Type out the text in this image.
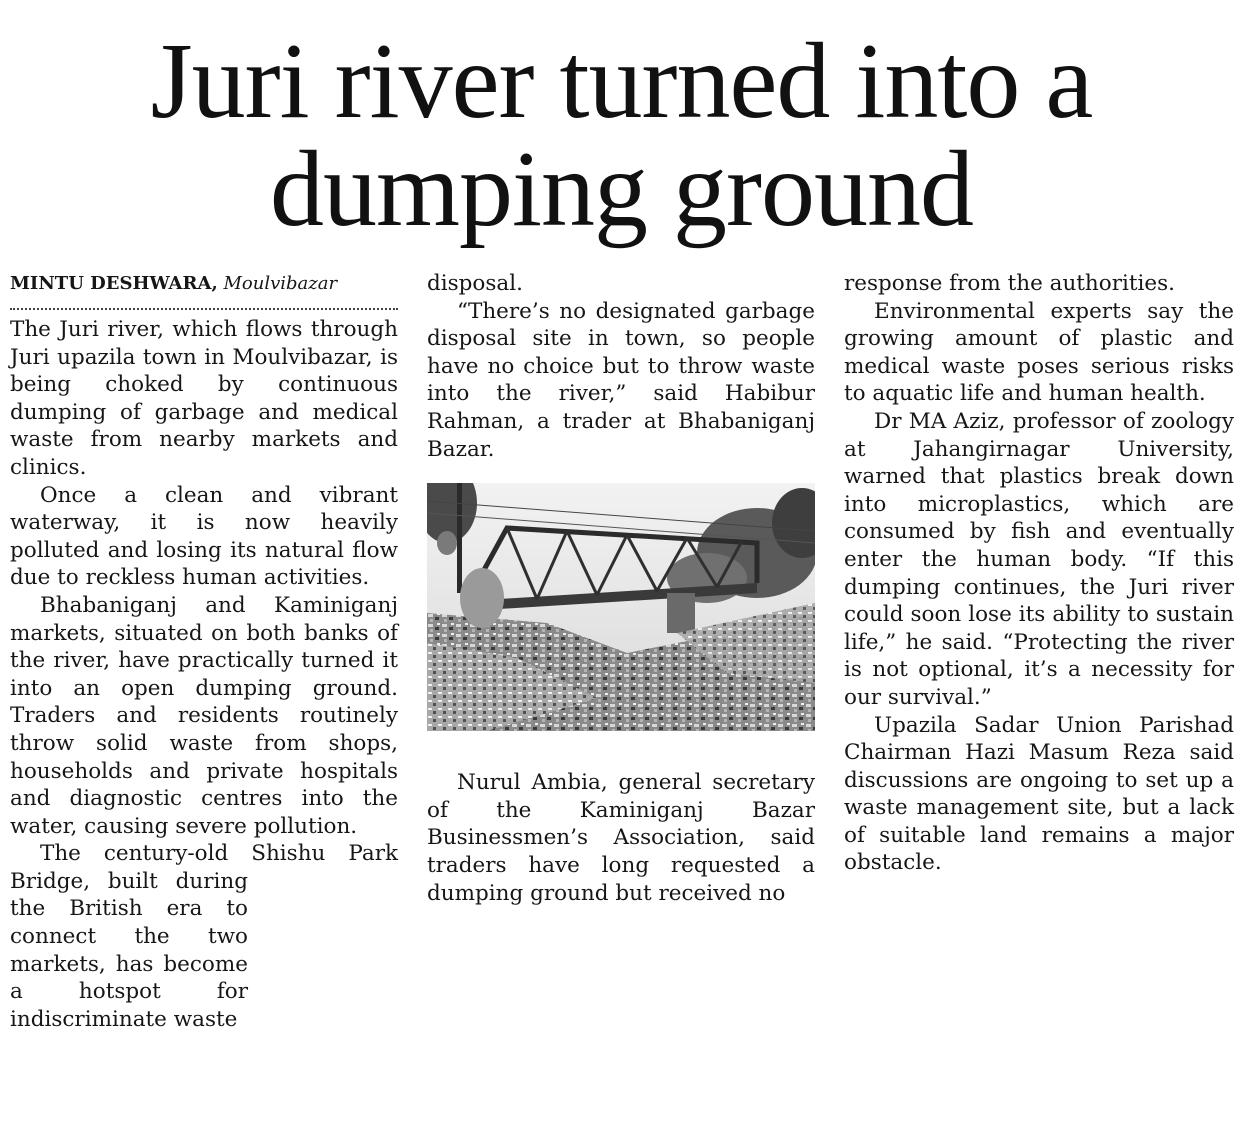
Juri river turned into a dumping ground
MINTU DESHWARA, Moulvibazar

The Juri river, which flows through Juri upazila town in Moulvibazar, is being choked by continuous dumping of garbage and medical waste from nearby markets and clinics.

Once a clean and vibrant waterway, it is now heavily polluted and losing its natural flow due to reckless human activities.

Bhabaniganj and Kaminiganj markets, situated on both banks of the river, have practically turned it into an open dumping ground. Traders and residents routinely throw solid waste from shops, households and private hospitals and diagnostic centres into the water, causing severe pollution.

The century-old Shishu Park

Bridge, built during the British era to connect the two markets, has become a hotspot for indiscriminate waste

disposal.

“There’s no designated garbage disposal site in town, so people have no choice but to throw waste into the river,” said Habibur Rahman, a trader at Bhabaniganj Bazar.

Nurul Ambia, general secretary of the Kaminiganj Bazar Businessmen’s Association, said traders have long requested a dumping ground but received no

response from the authorities.

Environmental experts say the growing amount of plastic and medical waste poses serious risks to aquatic life and human health.

Dr MA Aziz, professor of zoology at Jahangirnagar University, warned that plastics break down into microplastics, which are consumed by fish and eventually enter the human body. “If this dumping continues, the Juri river could soon lose its ability to sustain life,” he said. “Protecting the river is not optional, it’s a necessity for our survival.”

Upazila Sadar Union Parishad Chairman Hazi Masum Reza said discussions are ongoing to set up a waste management site, but a lack of suitable land remains a major obstacle.
